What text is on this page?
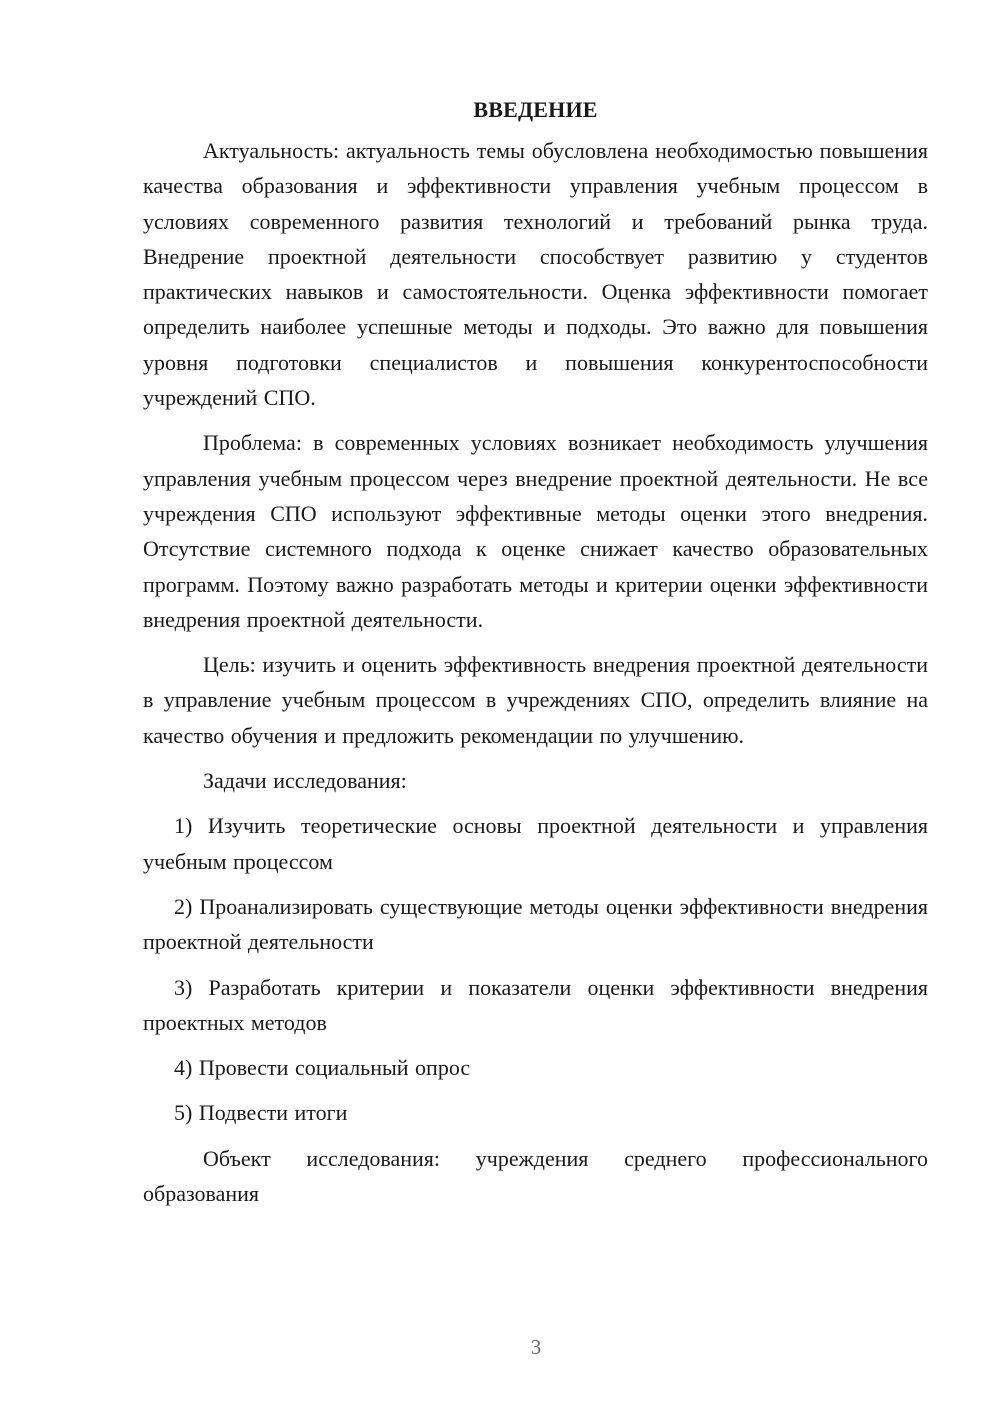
ВВЕДЕНИЕ

Актуальность: актуальность темы обусловлена необходимостью повышения качества образования и эффективности управления учебным процессом в условиях современного развития технологий и требований рынка труда. Внедрение проектной деятельности способствует развитию у студентов практических навыков и самостоятельности. Оценка эффективности помогает определить наиболее успешные методы и подходы. Это важно для повышения уровня подготовки специалистов и повышения конкурентоспособности учреждений СПО.

Проблема: в современных условиях возникает необходимость улучшения управления учебным процессом через внедрение проектной деятельности. Не все учреждения СПО используют эффективные методы оценки этого внедрения. Отсутствие системного подхода к оценке снижает качество образовательных программ. Поэтому важно разработать методы и критерии оценки эффективности внедрения проектной деятельности.

Цель: изучить и оценить эффективность внедрения проектной деятельности в управление учебным процессом в учреждениях СПО, определить влияние на качество обучения и предложить рекомендации по улучшению.

Задачи исследования:

1) Изучить теоретические основы проектной деятельности и управления учебным процессом

2) Проанализировать существующие методы оценки эффективности внедрения проектной деятельности

3) Разработать критерии и показатели оценки эффективности внедрения проектных методов

4) Провести социальный опрос

5) Подвести итоги

Объект исследования: учреждения среднего профессионального образования

3
